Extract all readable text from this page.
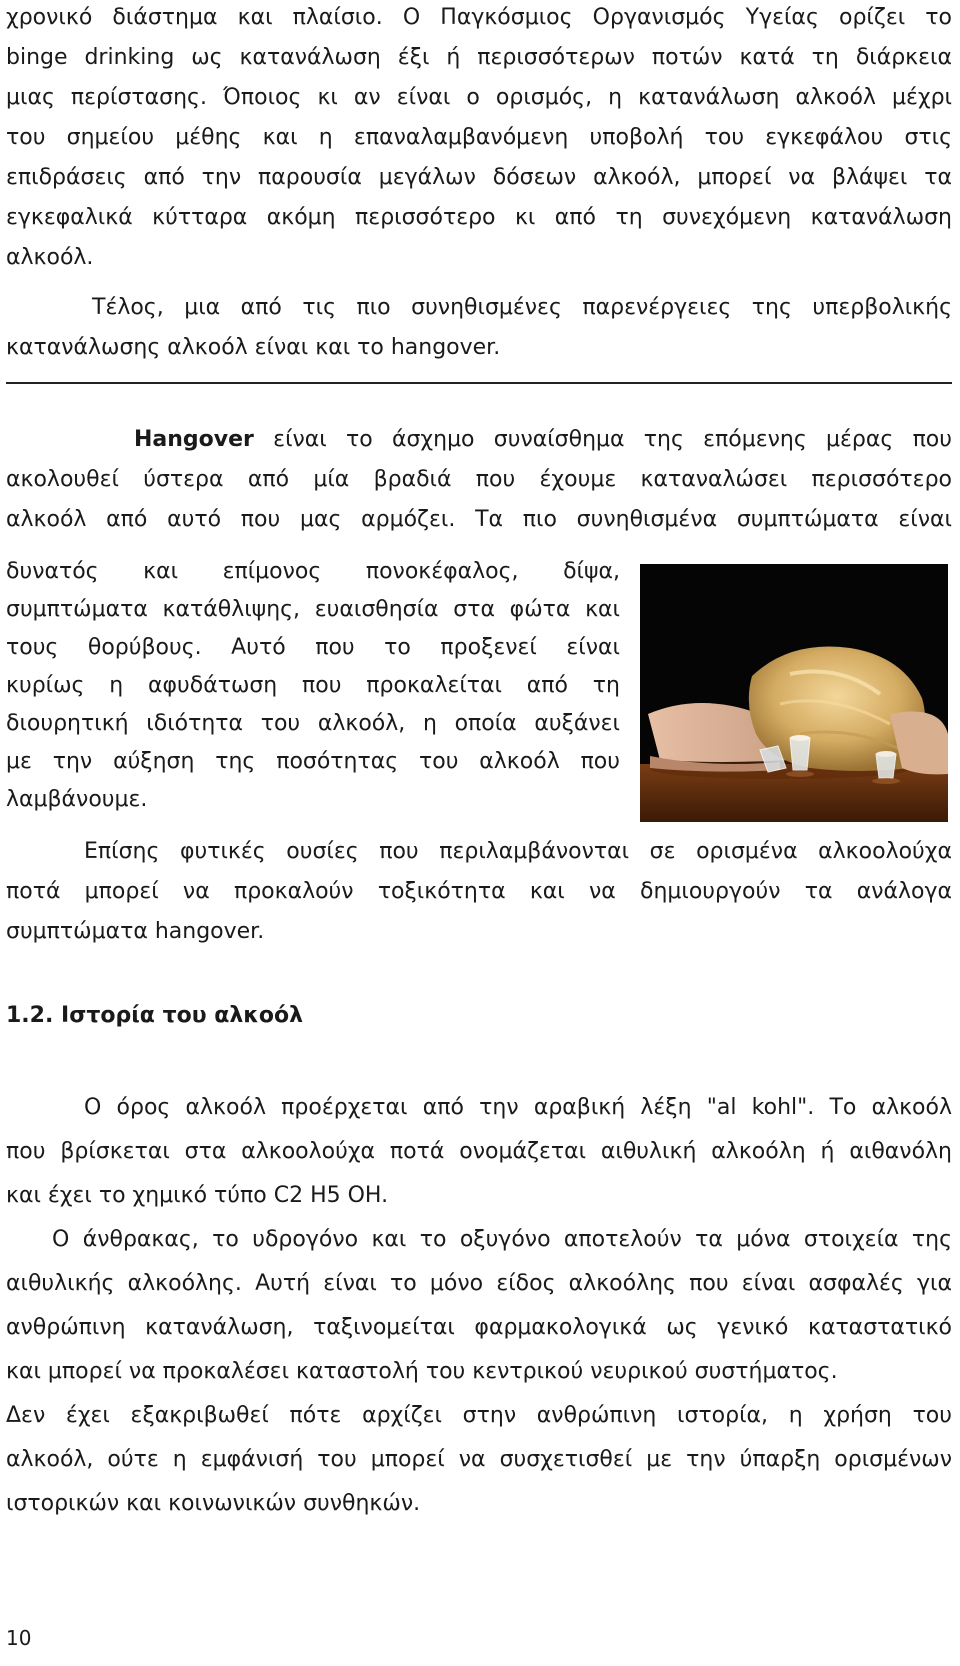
χρονικό διάστημα και πλαίσιο. Ο Παγκόσμιος Οργανισμός Υγείας ορίζει το
binge drinking ως κατανάλωση έξι ή περισσότερων ποτών κατά τη διάρκεια
μιας περίστασης. Όποιος κι αν είναι ο ορισμός, η κατανάλωση αλκοόλ μέχρι
του σημείου μέθης και η επαναλαμβανόμενη υποβολή του εγκεφάλου στις
επιδράσεις από την παρουσία μεγάλων δόσεων αλκοόλ, μπορεί να βλάψει τα
εγκεφαλικά κύτταρα ακόμη περισσότερο κι από τη συνεχόμενη κατανάλωση
αλκοόλ.
Τέλος, μια από τις πιο συνηθισμένες παρενέργειες της υπερβολικής
κατανάλωσης αλκοόλ είναι και το hangover.
Hangover είναι το άσχημο συναίσθημα της επόμενης μέρας που
ακολουθεί ύστερα από μία βραδιά που έχουμε καταναλώσει περισσότερο
αλκοόλ από αυτό που μας αρμόζει. Τα πιο συνηθισμένα συμπτώματα είναι
δυνατός και επίμονος πονοκέφαλος, δίψα,
συμπτώματα κατάθλιψης, ευαισθησία στα φώτα και
τους θορύβους. Αυτό που το προξενεί είναι
κυρίως η αφυδάτωση που προκαλείται από τη
διουρητική ιδιότητα του αλκοόλ, η οποία αυξάνει
με την αύξηση της ποσότητας του αλκοόλ που
λαμβάνουμε.
Επίσης φυτικές ουσίες που περιλαμβάνονται σε ορισμένα αλκοολούχα
ποτά μπορεί να προκαλούν τοξικότητα και να δημιουργούν τα ανάλογα
συμπτώματα hangover.
1.2. Ιστορία του αλκοόλ
Ο όρος αλκοόλ προέρχεται από την αραβική λέξη "al kohl". Το αλκοόλ
που βρίσκεται στα αλκοολούχα ποτά ονομάζεται αιθυλική αλκοόλη ή αιθανόλη
και έχει το χημικό τύπο C2 H5 OH.
Ο άνθρακας, το υδρογόνο και το οξυγόνο αποτελούν τα μόνα στοιχεία της
αιθυλικής αλκοόλης. Αυτή είναι το μόνο είδος αλκοόλης που είναι ασφαλές για
ανθρώπινη κατανάλωση, ταξινομείται φαρμακολογικά ως γενικό καταστατικό
και μπορεί να προκαλέσει καταστολή του κεντρικού νευρικού συστήματος.
Δεν έχει εξακριβωθεί πότε αρχίζει στην ανθρώπινη ιστορία, η χρήση του
αλκοόλ, ούτε η εμφάνισή του μπορεί να συσχετισθεί με την ύπαρξη ορισμένων
ιστορικών και κοινωνικών συνθηκών.
10
